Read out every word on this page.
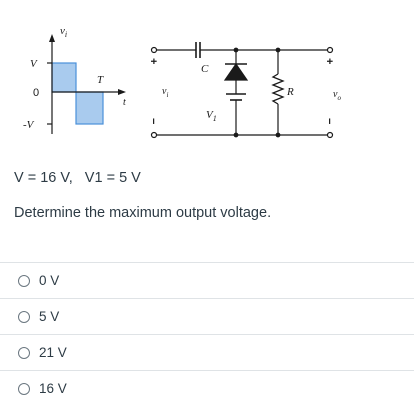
$v_i$
V
0
-V
T
t
C
R
$V_1$
$v_i$	$v_o$
+
−
+
−
V = 16 V,   V1 = 5 V
Determine the maximum output voltage.
0 V
5 V
21 V
16 V
